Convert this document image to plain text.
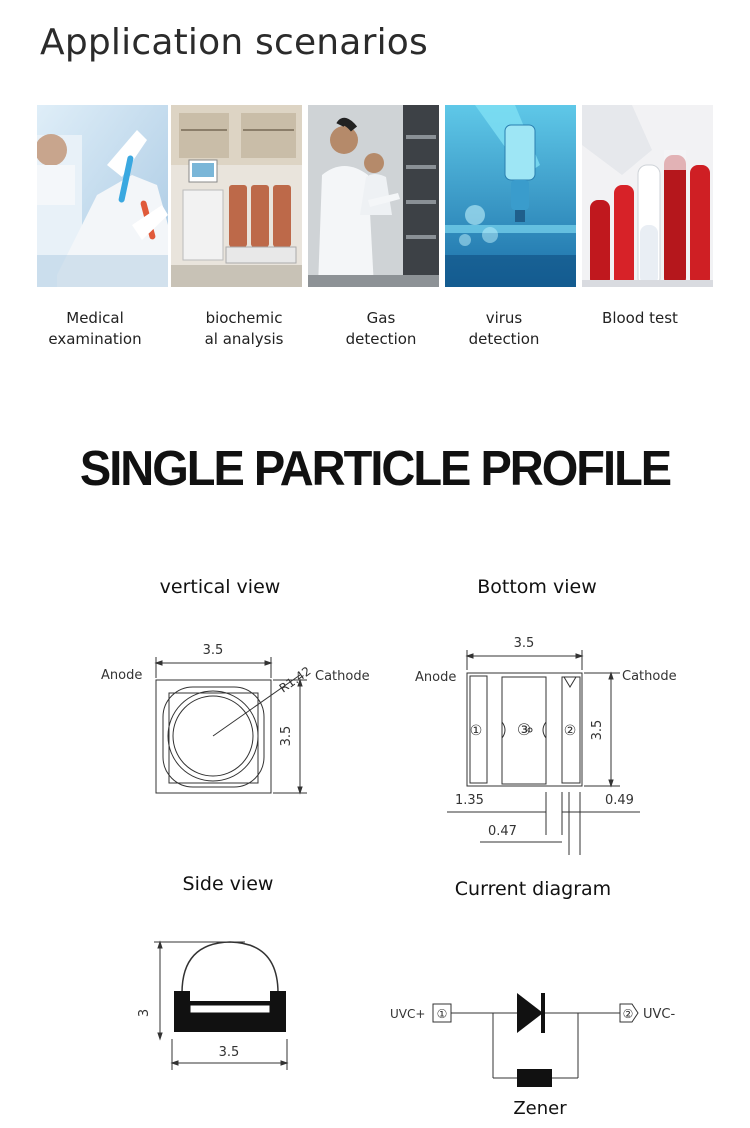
Application scenarios
Medical
examination
biochemic
al analysis
Gas
detection
virus
detection
Blood test
SINGLE PARTICLE PROFILE
vertical view	Bottom view
Side view	Current diagram
3.5
R1.42
3.5
Anode	Cathode
① ③ ②
3.5
3.5
Anode	Cathode
1.35	0.49
0.47
3
3.5
UVC+ ①	② UVC-
Zener
